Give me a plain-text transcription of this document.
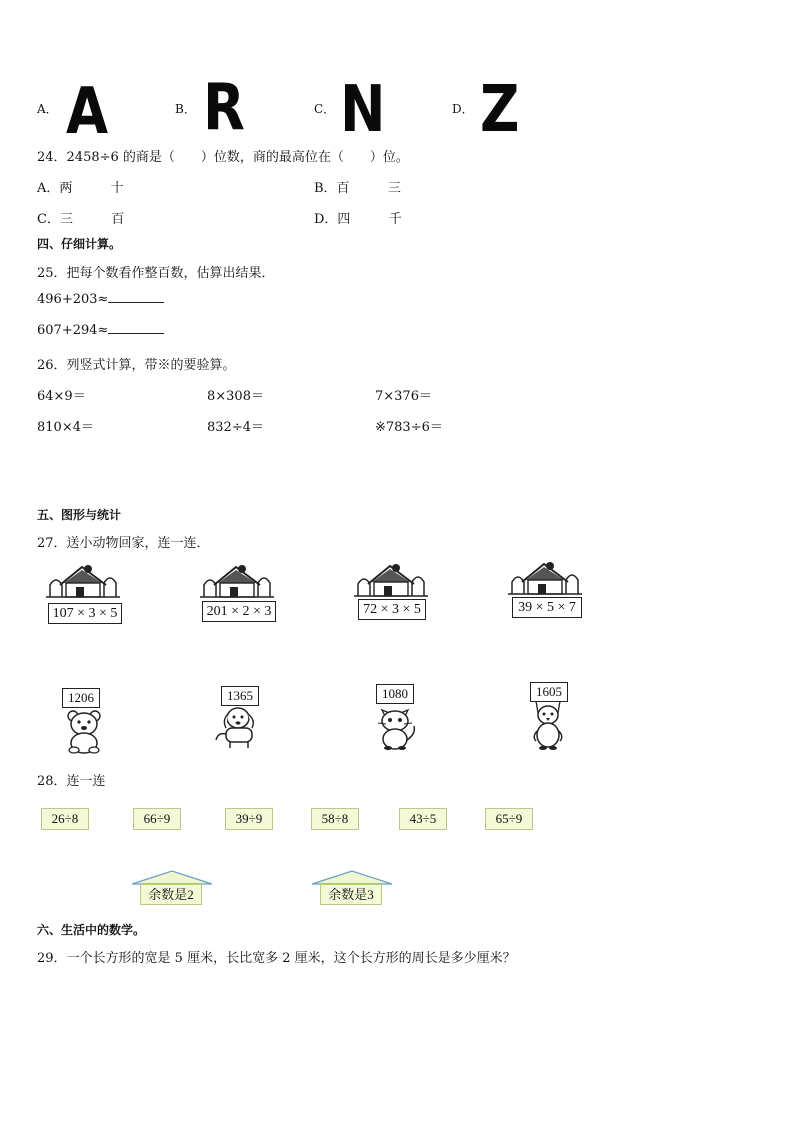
A． A	B． R	C． N	D． Z
24．2458÷6 的商是（　　）位数，商的最高位在（　　）位。
A．两	十	B．百	三
C．三	百	D．四	千
四、仔细计算。
25．把每个数看作整百数，估算出结果．
496+203≈
607+294≈
26．列竖式计算，带※的要验算。
64×9＝	8×308＝	7×376＝
810×4＝	832÷4＝	※783÷6＝
五、图形与统计
27．送小动物回家，连一连．
107 × 3 × 5	201 × 2 × 3	72 × 3 × 5	39 × 5 × 7
1206	1365	1080	1605
28．连一连
26÷8	66÷9	39÷9	58÷8	43÷5	65÷9
余数是2	余数是3
六、生活中的数学。
29．一个长方形的宽是 5 厘米，长比宽多 2 厘米，这个长方形的周长是多少厘米？
